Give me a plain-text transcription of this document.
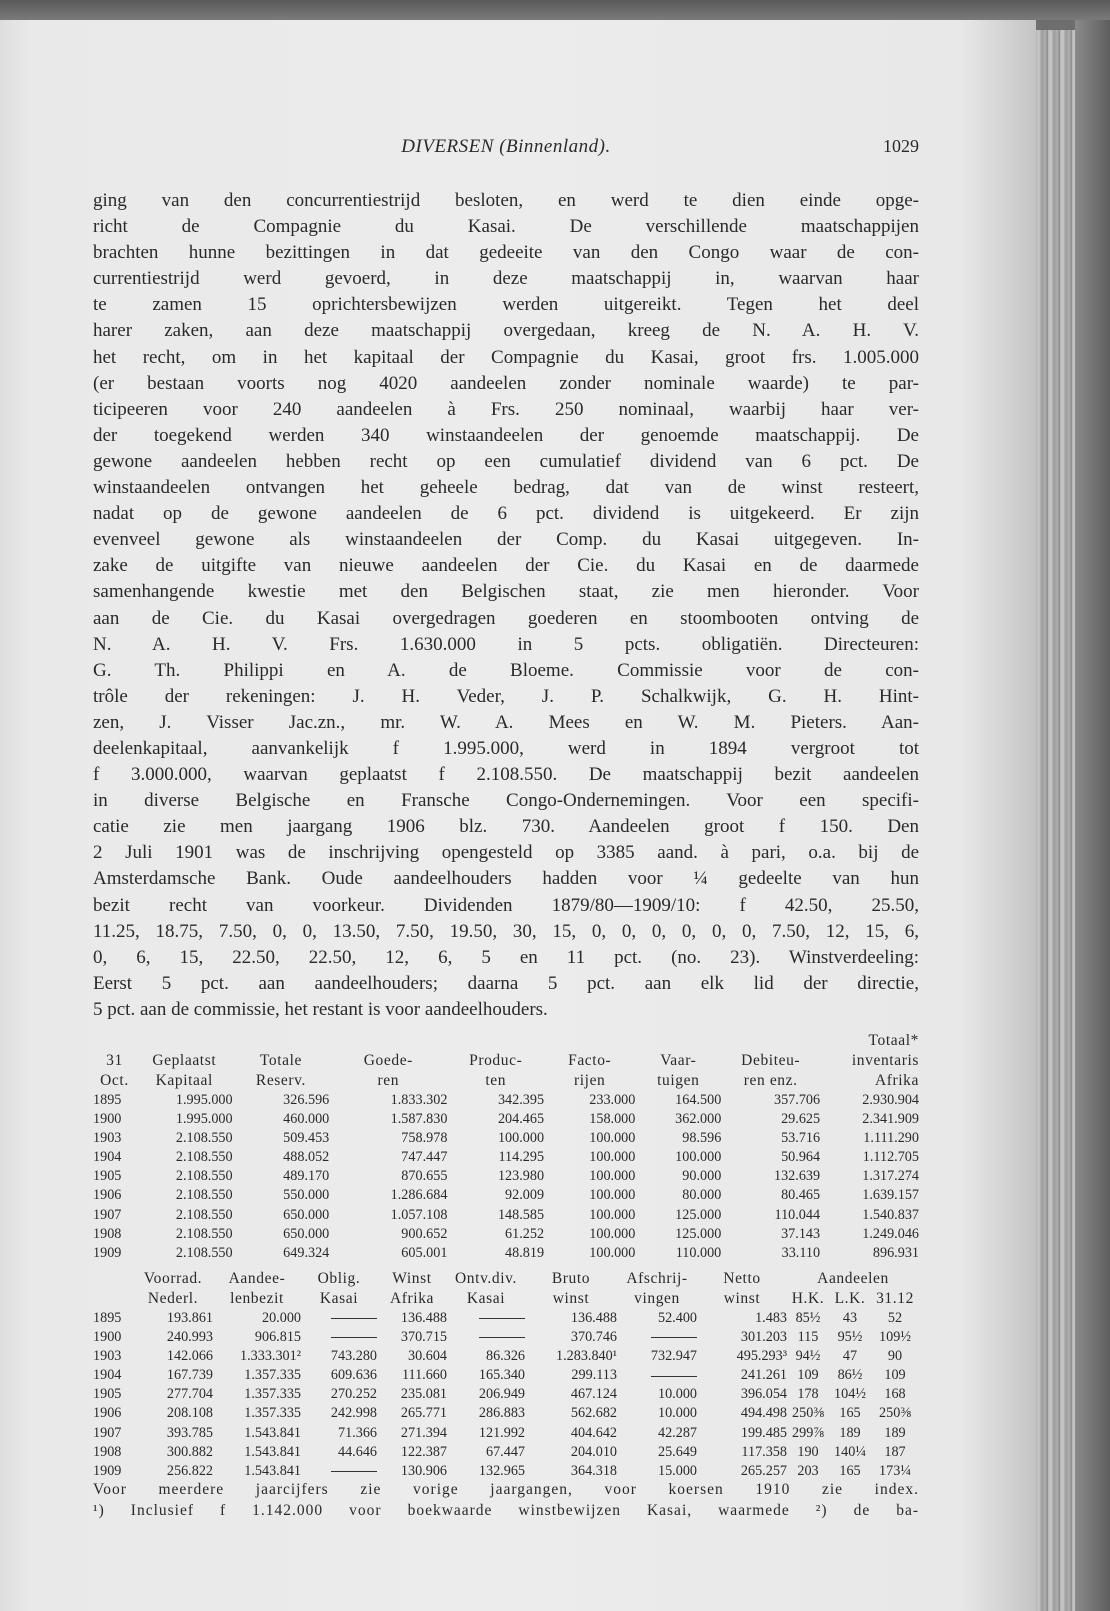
DIVERSEN (Binnenland).	1029
ging van den concurrentiestrijd besloten, en werd te dien einde opge-
richt de Compagnie du Kasai. De verschillende maatschappijen
brachten hunne bezittingen in dat gedeeite van den Congo waar de con-
currentiestrijd werd gevoerd, in deze maatschappij in, waarvan haar
te zamen 15 oprichtersbewijzen werden uitgereikt. Tegen het deel
harer zaken, aan deze maatschappij overgedaan, kreeg de N. A. H. V.
het recht, om in het kapitaal der Compagnie du Kasai, groot frs. 1.005.000
(er bestaan voorts nog 4020 aandeelen zonder nominale waarde) te par-
ticipeeren voor 240 aandeelen à Frs. 250 nominaal, waarbij haar ver-
der toegekend werden 340 winstaandeelen der genoemde maatschappij. De
gewone aandeelen hebben recht op een cumulatief dividend van 6 pct. De
winstaandeelen ontvangen het geheele bedrag, dat van de winst resteert,
nadat op de gewone aandeelen de 6 pct. dividend is uitgekeerd. Er zijn
evenveel gewone als winstaandeelen der Comp. du Kasai uitgegeven. In-
zake de uitgifte van nieuwe aandeelen der Cie. du Kasai en de daarmede
samenhangende kwestie met den Belgischen staat, zie men hieronder. Voor
aan de Cie. du Kasai overgedragen goederen en stoombooten ontving de
N. A. H. V. Frs. 1.630.000 in 5 pcts. obligatiën. Directeuren:
G. Th. Philippi en A. de Bloeme. Commissie voor de con-
trôle der rekeningen: J. H. Veder, J. P. Schalkwijk, G. H. Hint-
zen, J. Visser Jac.zn., mr. W. A. Mees en W. M. Pieters. Aan-
deelenkapitaal, aanvankelijk f 1.995.000, werd in 1894 vergroot tot
f 3.000.000, waarvan geplaatst f 2.108.550. De maatschappij bezit aandeelen
in diverse Belgische en Fransche Congo-Ondernemingen. Voor een specifi-
catie zie men jaargang 1906 blz. 730. Aandeelen groot f 150. Den
2 Juli 1901 was de inschrijving opengesteld op 3385 aand. à pari, o.a. bij de
Amsterdamsche Bank. Oude aandeelhouders hadden voor ¼ gedeelte van hun
bezit recht van voorkeur. Dividenden 1879/80—1909/10: f 42.50, 25.50,
11.25, 18.75, 7.50, 0, 0, 13.50, 7.50, 19.50, 30, 15, 0, 0, 0, 0, 0, 0, 7.50, 12, 15, 6,
0, 6, 15, 22.50, 22.50, 12, 6, 5 en 11 pct. (no. 23). Winstverdeeling:
Eerst 5 pct. aan aandeelhouders; daarna 5 pct. aan elk lid der directie,
5 pct. aan de commissie, het restant is voor aandeelhouders.
								Totaal*
31	Geplaatst	Totale	Goede-	Produc-	Facto-	Vaar-	Debiteu-	inventaris
Oct.	Kapitaal	Reserv.	ren	ten	rijen	tuigen	ren enz.	Afrika
1895	1.995.000	326.596	1.833.302	342.395	233.000	164.500	357.706	2.930.904
1900	1.995.000	460.000	1.587.830	204.465	158.000	362.000	29.625	2.341.909
1903	2.108.550	509.453	758.978	100.000	100.000	98.596	53.716	1.111.290
1904	2.108.550	488.052	747.447	114.295	100.000	100.000	50.964	1.112.705
1905	2.108.550	489.170	870.655	123.980	100.000	90.000	132.639	1.317.274
1906	2.108.550	550.000	1.286.684	92.009	100.000	80.000	80.465	1.639.157
1907	2.108.550	650.000	1.057.108	148.585	100.000	125.000	110.044	1.540.837
1908	2.108.550	650.000	900.652	61.252	100.000	125.000	37.143	1.249.046
1909	2.108.550	649.324	605.001	48.819	100.000	110.000	33.110	896.931
	Voorrad.	Aandee-	Oblig.	Winst	Ontv.div.	Bruto	Afschrij-	Netto	Aandeelen		
	Nederl.	lenbezit	Kasai	Afrika	Kasai	winst	vingen	winst	H.K.	L.K.	31.12
1895	193.861	20.000		136.488		136.488	52.400	1.483	85½	43	52
1900	240.993	906.815		370.715		370.746		301.203	115	95½	109½
1903	142.066	1.333.301²	743.280	30.604	86.326	1.283.840¹	732.947	495.293³	94½	47	90
1904	167.739	1.357.335	609.636	111.660	165.340	299.113		241.261	109	86½	109
1905	277.704	1.357.335	270.252	235.081	206.949	467.124	10.000	396.054	178	104½	168
1906	208.108	1.357.335	242.998	265.771	286.883	562.682	10.000	494.498	250⅜	165	250⅜
1907	393.785	1.543.841	71.366	271.394	121.992	404.642	42.287	199.485	299⅞	189	189
1908	300.882	1.543.841	44.646	122.387	67.447	204.010	25.649	117.358	190	140¼	187
1909	256.822	1.543.841		130.906	132.965	364.318	15.000	265.257	203	165	173¼
Voor meerdere jaarcijfers zie vorige jaargangen, voor koersen 1910 zie index.
¹) Inclusief f 1.142.000 voor boekwaarde winstbewijzen Kasai, waarmede ²) de ba-
